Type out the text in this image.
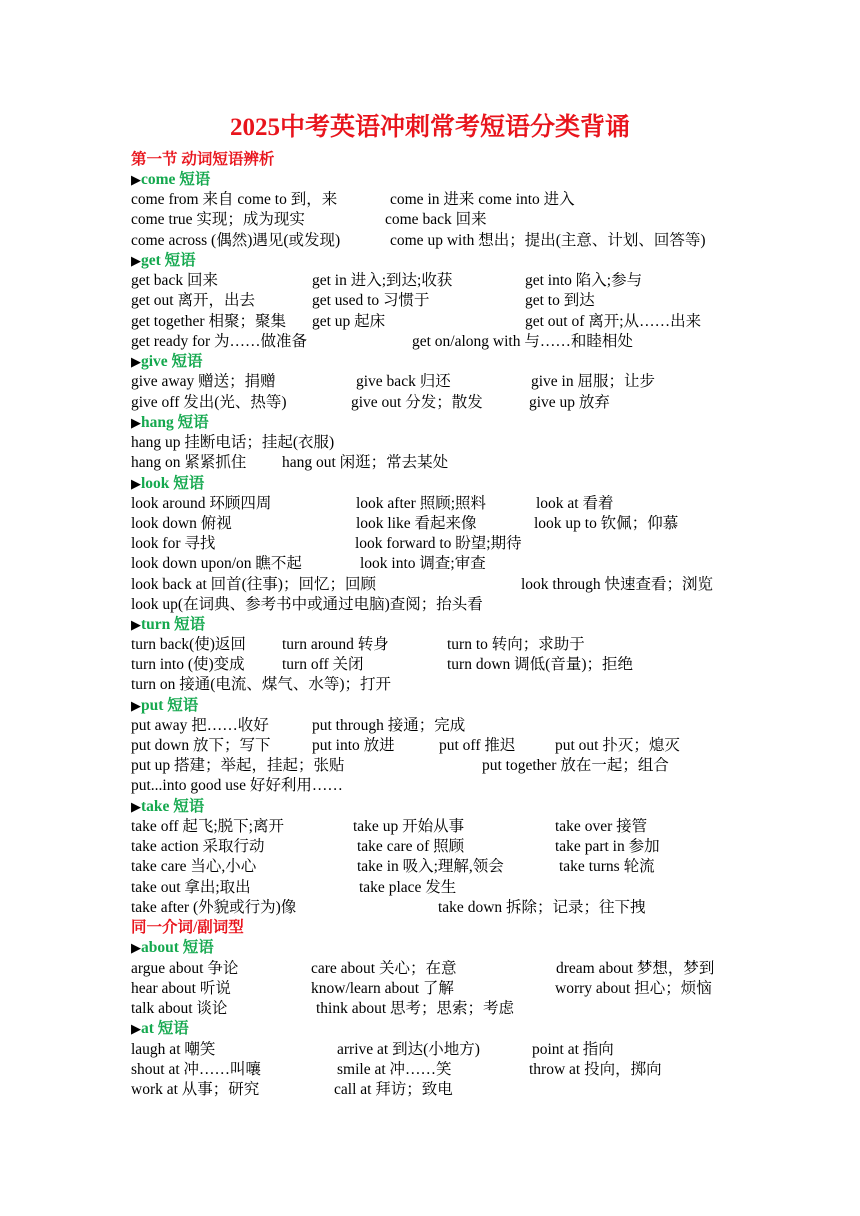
2025中考英语冲刺常考短语分类背诵
第一节 动词短语辨析
▶come 短语
come from 来自 come to 到，来	come in 进来 come into 进入
come true 实现；成为现实	come back 回来
come across (偶然)遇见(或发现)	come up with 想出；提出(主意、计划、回答等)
▶get 短语
get back 回来	get in 进入;到达;收获	get into 陷入;参与
get out 离开，出去	get used to 习惯于	get to 到达
get together 相聚；聚集 get up 起床	get out of 离开;从……出来
get ready for 为……做准备	get on/along with 与……和睦相处
▶give 短语
give away 赠送；捐赠	give back 归还	give in 屈服；让步
give off 发出(光、热等)	give out 分发；散发	give up 放弃
▶hang 短语
hang up 挂断电话；挂起(衣服)
hang on 紧紧抓住 hang out 闲逛；常去某处
▶look 短语
look around 环顾四周	look after 照顾;照料	look at 看着
look down 俯视	look like 看起来像	look up to 钦佩；仰慕
look for 寻找	look forward to 盼望;期待
look down upon/on 瞧不起	look into 调查;审查
look back at 回首(往事)；回忆；回顾	look through 快速查看；浏览
look up(在词典、参考书中或通过电脑)查阅；抬头看
▶turn 短语
turn back(使)返回 turn around 转身	turn to 转向；求助于
turn into (使)变成 turn off 关闭	turn down 调低(音量)；拒绝
turn on 接通(电流、煤气、水等)；打开
▶put 短语
put away 把……收好	put through 接通；完成
put down 放下；写下	put into 放进	put off 推迟	put out 扑灭；熄灭
put up 搭建；举起，挂起；张贴	put together 放在一起；组合
put...into good use 好好利用……
▶take 短语
take off 起飞;脱下;离开	take up 开始从事	take over 接管
take action 采取行动	take care of 照顾	take part in 参加
take care 当心,小心	take in 吸入;理解,领会	take turns 轮流
take out 拿出;取出	take place 发生
take after (外貌或行为)像	take down 拆除；记录；往下拽
同一介词/副词型
▶about 短语
argue about 争论	care about 关心；在意	dream about 梦想，梦到
hear about 听说	know/learn about 了解	worry about 担心；烦恼
talk about 谈论	think about 思考；思索；考虑
▶at 短语
laugh at 嘲笑	arrive at 到达(小地方)	point at 指向
shout at 冲……叫嚷	smile at 冲……笑	throw at 投向，掷向
work at 从事；研究	call at 拜访；致电
